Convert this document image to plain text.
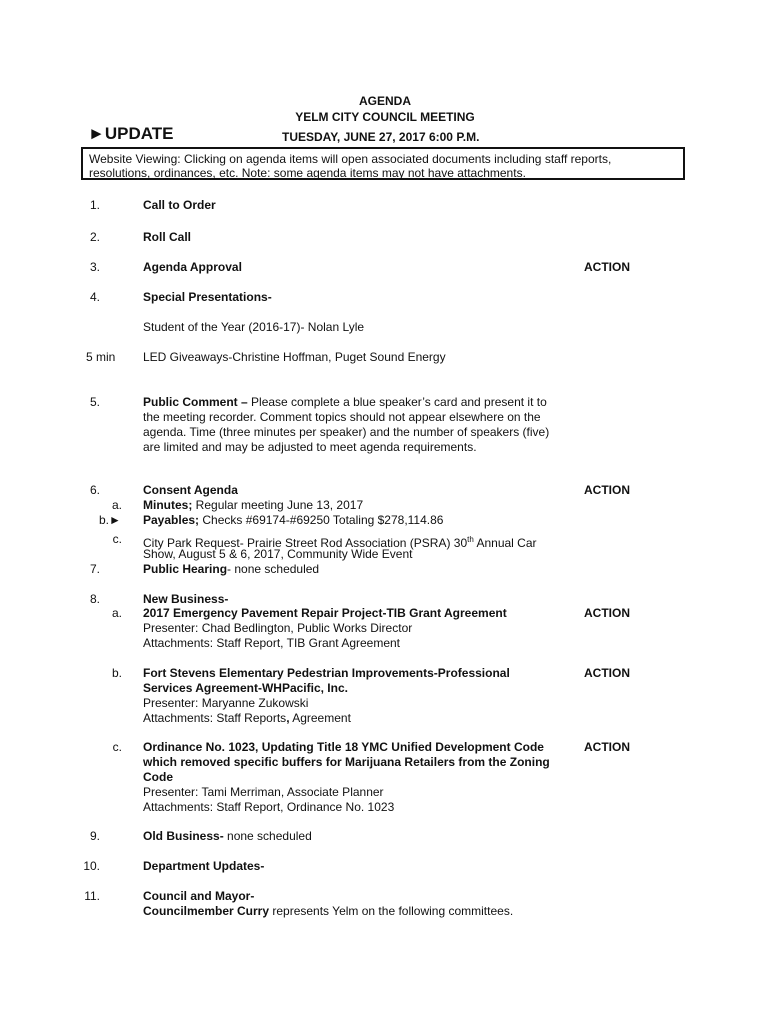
AGENDA
YELM CITY COUNCIL MEETING
►UPDATE	TUESDAY, JUNE 27, 2017 6:00 P.M.
Website Viewing: Clicking on agenda items will open associated documents including staff reports,
resolutions, ordinances, etc. Note: some agenda items may not have attachments.
1.	Call to Order
2.	Roll Call
3.	Agenda Approval	ACTION
4.	Special Presentations-
Student of the Year (2016-17)- Nolan Lyle
5 min LED Giveaways-Christine Hoffman, Puget Sound Energy
5.	Public Comment – Please complete a blue speaker’s card and present it to
the meeting recorder. Comment topics should not appear elsewhere on the
agenda. Time (three minutes per speaker) and the number of speakers (five)
are limited and may be adjusted to meet agenda requirements.
6.	Consent Agenda	ACTION
a. Minutes; Regular meeting June 13, 2017
b.► Payables; Checks #69174-#69250 Totaling $278,114.86
c. City Park Request- Prairie Street Rod Association (PSRA) 30th Annual Car
Show, August 5 & 6, 2017, Community Wide Event
7.	Public Hearing- none scheduled
8.	New Business-
a. 2017 Emergency Pavement Repair Project-TIB Grant Agreement	ACTION
Presenter: Chad Bedlington, Public Works Director
Attachments: Staff Report, TIB Grant Agreement
b. Fort Stevens Elementary Pedestrian Improvements-Professional	ACTION
Services Agreement-WHPacific, Inc.
Presenter: Maryanne Zukowski
Attachments: Staff Reports, Agreement
c. Ordinance No. 1023, Updating Title 18 YMC Unified Development Code	ACTION
which removed specific buffers for Marijuana Retailers from the Zoning
Code
Presenter: Tami Merriman, Associate Planner
Attachments: Staff Report, Ordinance No. 1023
9.	Old Business- none scheduled
10.	Department Updates-
11.	Council and Mayor-
Councilmember Curry represents Yelm on the following committees.
